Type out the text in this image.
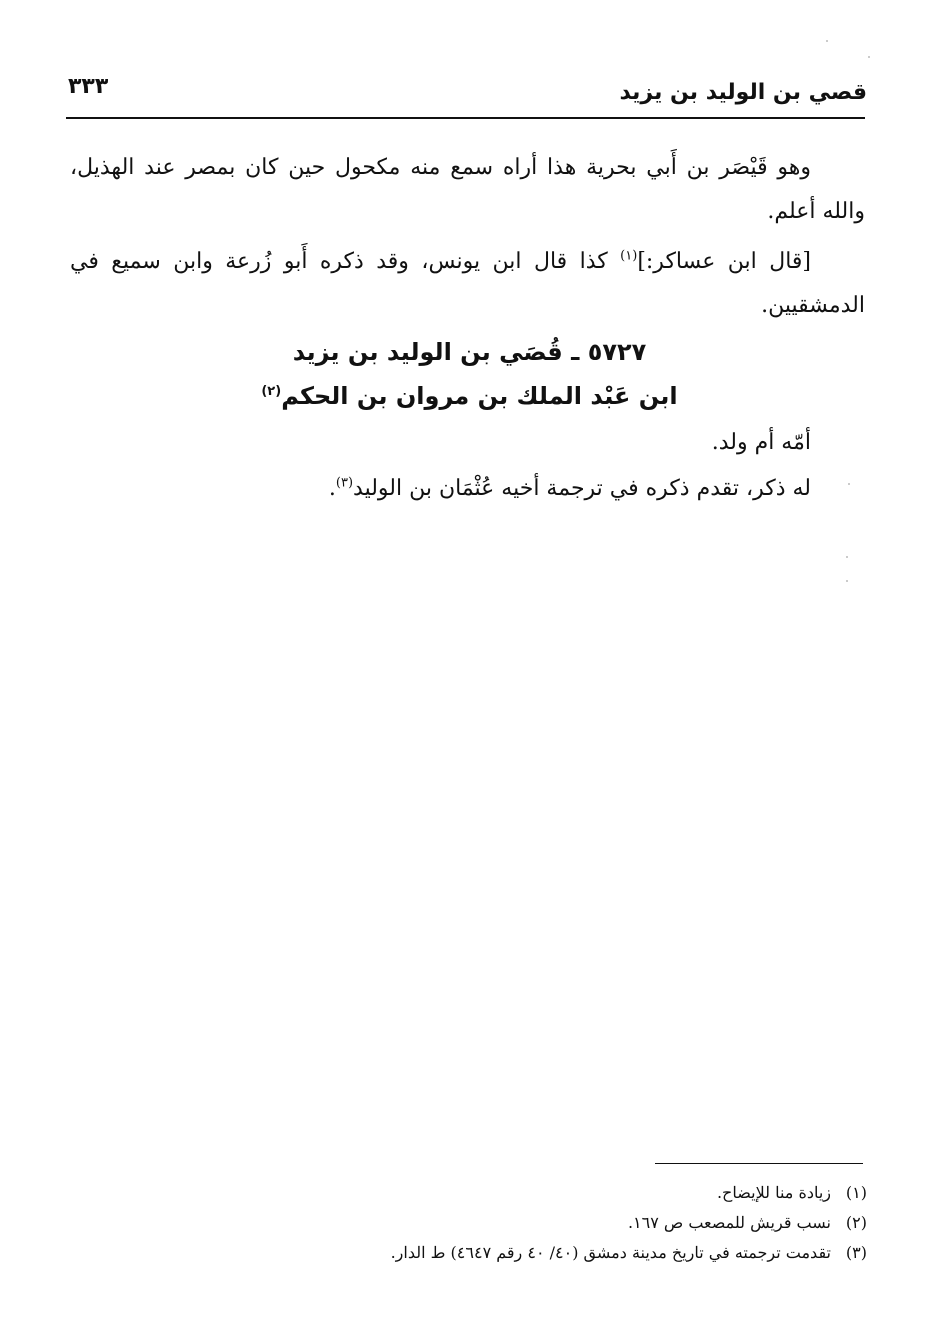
قصي بن الوليد بن يزيد
٣٣٣

وهو قَيْصَر بن أَبي بحرية هذا أراه سمع منه مكحول حين كان بمصر عند الهذيل، والله أعلم.

[قال ابن عساكر:]$^{(١)}$ كذا قال ابن يونس، وقد ذكره أَبو زُرعة وابن سميع في الدمشقيين.

٥٧٢٧ ـ قُصَي بن الوليد بن يزيد
ابن عَبْد الملك بن مروان بن الحكم$^{(٢)}$

أمّه أم ولد.

له ذكر، تقدم ذكره في ترجمة أخيه عُثْمَان بن الوليد$^{(٣)}$.

(١)
زيادة منا للإيضاح.
(٢)
نسب قريش للمصعب ص ١٦٧.
(٣)
تقدمت ترجمته في تاريخ مدينة دمشق (٤٠/ ٤٠ رقم ٤٦٤٧) ط الدار.
